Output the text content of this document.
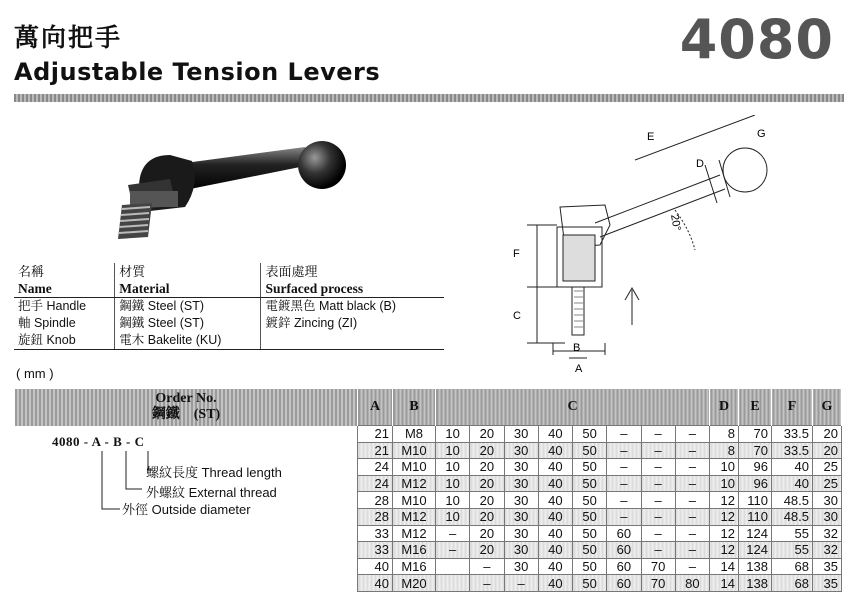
萬向把手
Adjustable Tension Levers
4080
E	G
D
20°
F
C
B
A
名稱	材質	表面處理
Name	Material	Surfaced process
把手 Handle	鋼鐵 Steel (ST)	電鍍黑色 Matt black (B)
軸 Spindle	鋼鐵 Steel (ST)	鍍鋅 Zincing (ZI)
旋鈕 Knob	電木 Bakelite (KU)	
( mm )
Order No.
鋼鐵　(ST)	A	B	C								D	E	F	G
	21	M8	10	20	30	40	50	–	–	–	8	70	33.5	20
	21	M10	10	20	30	40	50	–	–	–	8	70	33.5	20
	24	M10	10	20	30	40	50	–	–	–	10	96	40	25
	24	M12	10	20	30	40	50	–	–	–	10	96	40	25
	28	M10	10	20	30	40	50	–	–	–	12	110	48.5	30
	28	M12	10	20	30	40	50	–	–	–	12	110	48.5	30
	33	M12	–	20	30	40	50	60	–	–	12	124	55	32
	33	M16	–	20	30	40	50	60	–	–	12	124	55	32
	40	M16		–	30	40	50	60	70	–	14	138	68	35
	40	M20		–	–	40	50	60	70	80	14	138	68	35
4080 - A - B - C
螺紋長度 Thread length
外螺紋 External thread
外徑 Outside diameter
